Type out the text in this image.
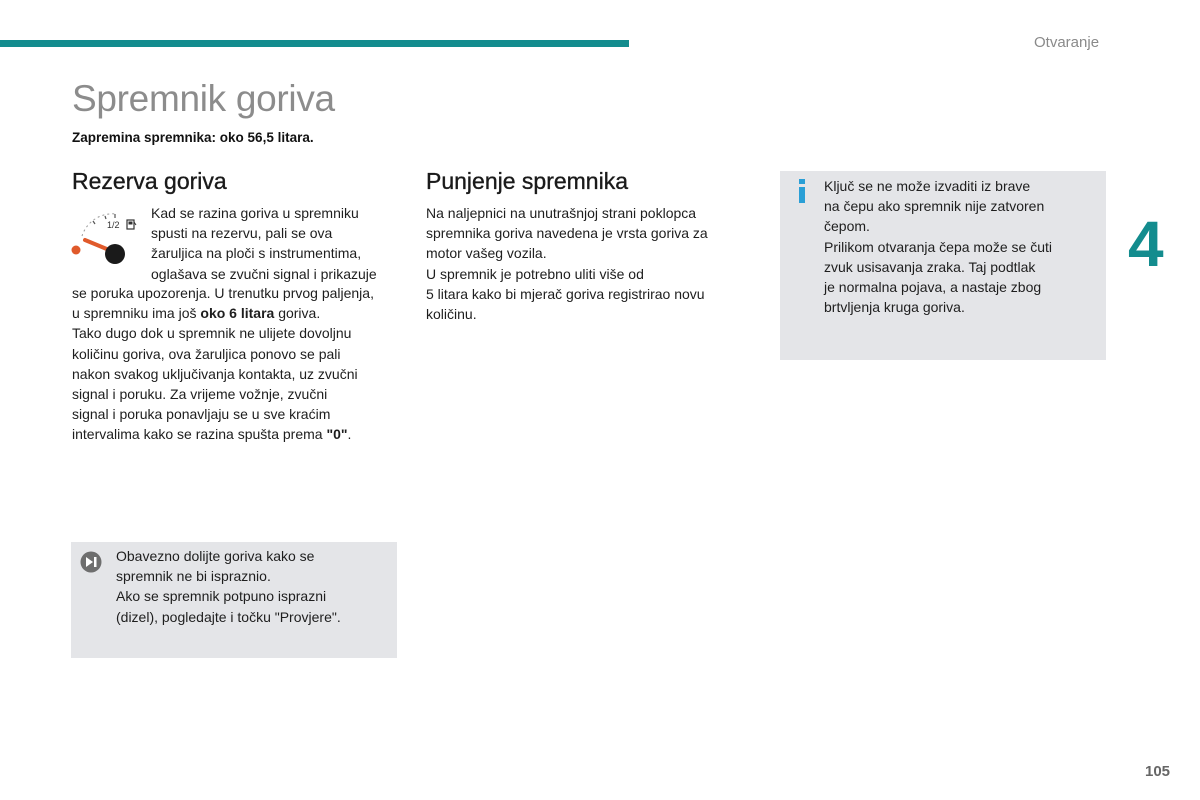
Otvaranje
Spremnik goriva
Zapremina spremnika: oko 56,5 litara.
Rezerva goriva
1/2

Kad se razina goriva u spremniku

spusti na rezervu, pali se ova

žaruljica na ploči s instrumentima,

oglašava se zvučni signal i prikazuje

se poruka upozorenja. U trenutku prvog paljenja,

u spremniku ima još oko 6 litara goriva.

Tako dugo dok u spremnik ne ulijete dovoljnu

količinu goriva, ova žaruljica ponovo se pali

nakon svakog uključivanja kontakta, uz zvučni

signal i poruku. Za vrijeme vožnje, zvučni

signal i poruka ponavljaju se u sve kraćim

intervalima kako se razina spušta prema "0".

Punjenje spremnika

Na naljepnici na unutrašnjoj strani poklopca

spremnika goriva navedena je vrsta goriva za

motor vašeg vozila.

U spremnik je potrebno uliti više od

5 litara kako bi mjerač goriva registrirao novu

količinu.

Ključ se ne može izvaditi iz brave

na čepu ako spremnik nije zatvoren

čepom.

Prilikom otvaranja čepa može se čuti

zvuk usisavanja zraka. Taj podtlak

je normalna pojava, a nastaje zbog

brtvljenja kruga goriva.

4

Obavezno dolijte goriva kako se

spremnik ne bi ispraznio.

Ako se spremnik potpuno isprazni

(dizel), pogledajte i točku "Provjere".

105
